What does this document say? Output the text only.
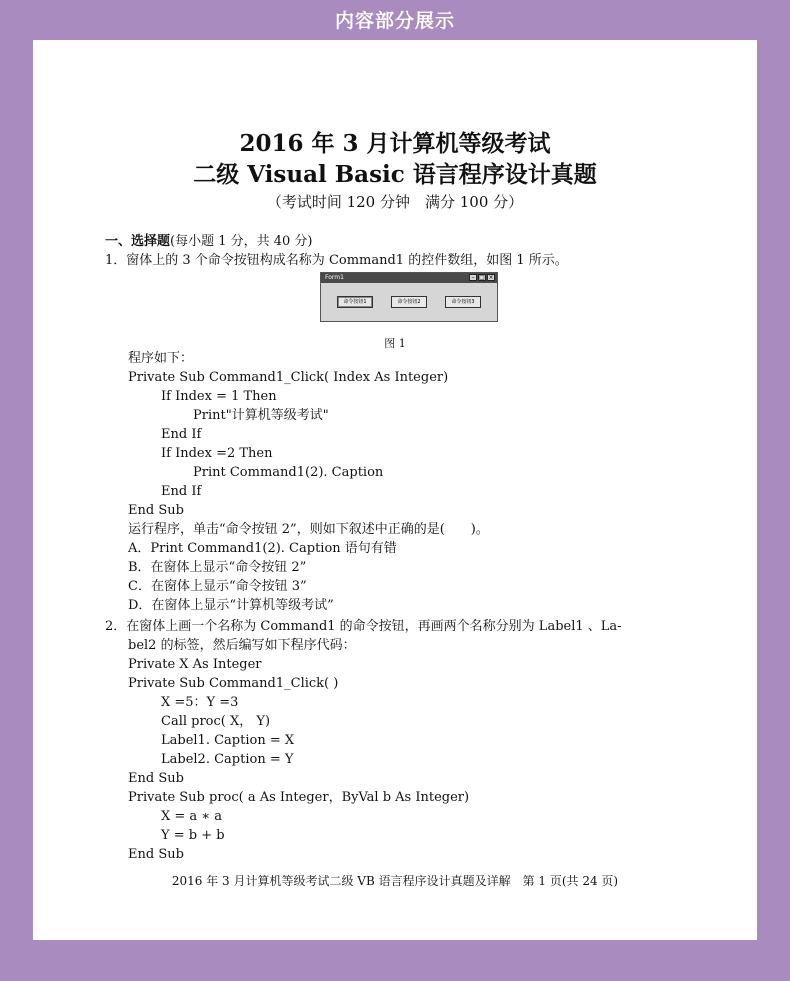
内容部分展示
2016 年 3 月计算机等级考试
二级 Visual Basic 语言程序设计真题
（考试时间 120 分钟　满分 100 分）
一、选择题(每小题 1 分，共 40 分)
1．窗体上的 3 个命令按钮构成名称为 Command1 的控件数组，如图 1 所示。
Form1	– □ ×
命令按钮1	命令按钮2	命令按钮3
图 1
程序如下：
Private Sub Command1_Click( Index As Integer)
If Index = 1 Then
Print"计算机等级考试"
End If
If Index =2 Then
Print Command1(2). Caption
End If
End Sub
运行程序，单击“命令按钮 2”，则如下叙述中正确的是(　　)。
A．Print Command1(2). Caption 语句有错
B．在窗体上显示“命令按钮 2”
C．在窗体上显示“命令按钮 3”
D．在窗体上显示“计算机等级考试”
2．在窗体上画一个名称为 Command1 的命令按钮，再画两个名称分别为 Label1 、La-
bel2 的标签，然后编写如下程序代码：
Private X As Integer
Private Sub Command1_Click( )
X =5：Y =3
Call proc( X， Y)
Label1. Caption = X
Label2. Caption = Y
End Sub
Private Sub proc( a As Integer，ByVal b As Integer)
X = a ∗ a
Y = b + b
End Sub
2016 年 3 月计算机等级考试二级 VB 语言程序设计真题及详解　第 1 页(共 24 页)
